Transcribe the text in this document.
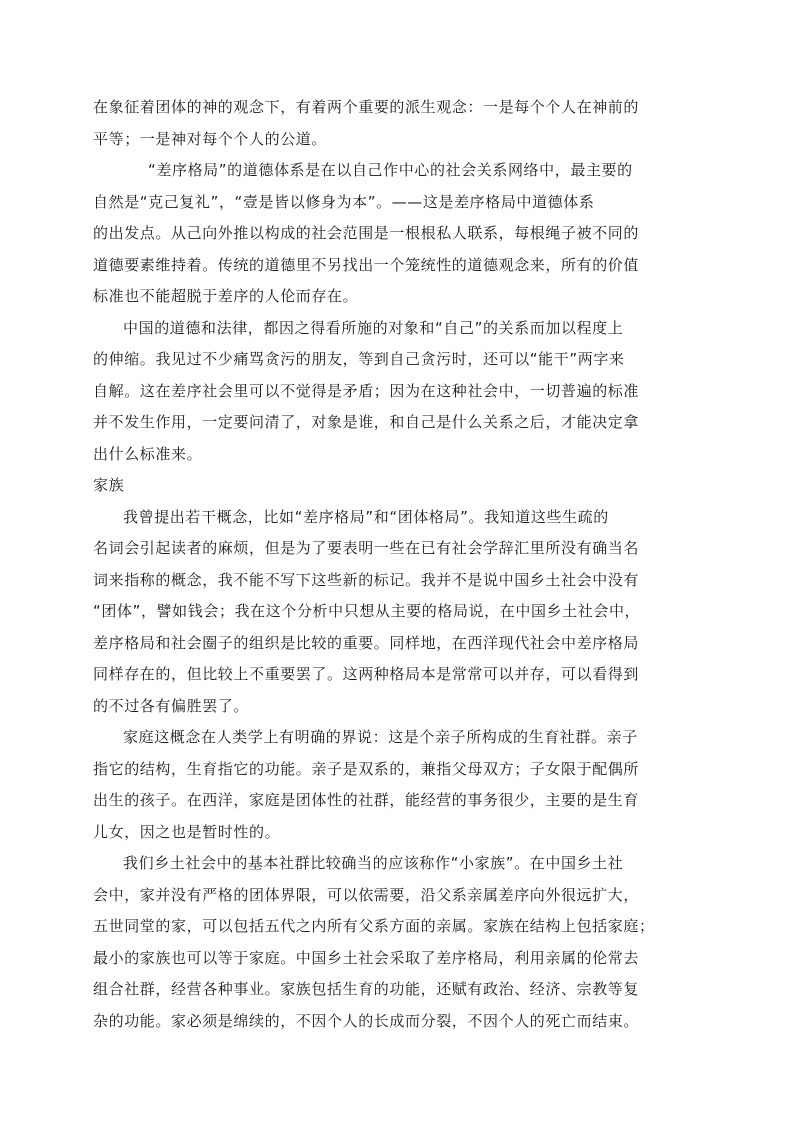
在象征着团体的神的观念下，有着两个重要的派生观念：一是每个个人在神前的
平等；一是神对每个个人的公道。
“差序格局”的道德体系是在以自己作中心的社会关系网络中，最主要的
自然是“克己复礼”，“壹是皆以修身为本”。——这是差序格局中道德体系
的出发点。从己向外推以构成的社会范围是一根根私人联系，每根绳子被不同的
道德要素维持着。传统的道德里不另找出一个笼统性的道德观念来，所有的价值
标准也不能超脱于差序的人伦而存在。
中国的道德和法律，都因之得看所施的对象和“自己”的关系而加以程度上
的伸缩。我见过不少痛骂贪污的朋友，等到自己贪污时，还可以“能干”两字来
自解。这在差序社会里可以不觉得是矛盾；因为在这种社会中，一切普遍的标准
并不发生作用，一定要问清了，对象是谁，和自己是什么关系之后，才能决定拿
出什么标准来。
家族
我曾提出若干概念，比如“差序格局”和“团体格局”。我知道这些生疏的
名词会引起读者的麻烦，但是为了要表明一些在已有社会学辞汇里所没有确当名
词来指称的概念，我不能不写下这些新的标记。我并不是说中国乡土社会中没有
“团体”，譬如钱会；我在这个分析中只想从主要的格局说，在中国乡土社会中，
差序格局和社会圈子的组织是比较的重要。同样地，在西洋现代社会中差序格局
同样存在的，但比较上不重要罢了。这两种格局本是常常可以并存，可以看得到
的不过各有偏胜罢了。
家庭这概念在人类学上有明确的界说：这是个亲子所构成的生育社群。亲子
指它的结构，生育指它的功能。亲子是双系的，兼指父母双方；子女限于配偶所
出生的孩子。在西洋，家庭是团体性的社群，能经营的事务很少，主要的是生育
儿女，因之也是暂时性的。
我们乡土社会中的基本社群比较确当的应该称作“小家族”。在中国乡土社
会中，家并没有严格的团体界限，可以依需要，沿父系亲属差序向外很远扩大，
五世同堂的家，可以包括五代之内所有父系方面的亲属。家族在结构上包括家庭；
最小的家族也可以等于家庭。中国乡土社会采取了差序格局，利用亲属的伦常去
组合社群，经营各种事业。家族包括生育的功能，还赋有政治、经济、宗教等复
杂的功能。家必须是绵续的，不因个人的长成而分裂，不因个人的死亡而结束。
